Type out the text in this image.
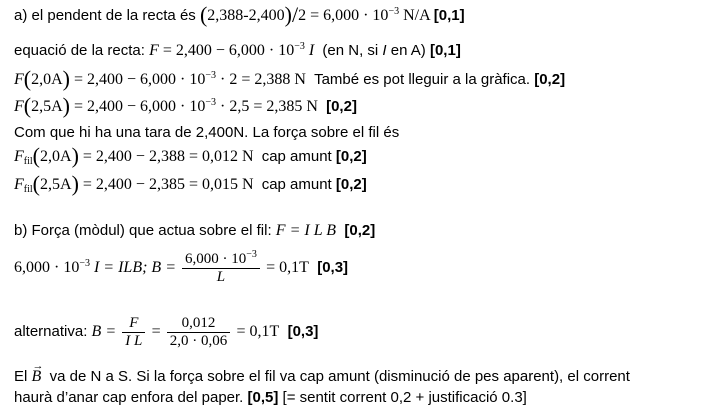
a) el pendent de la recta és $(2,388-2,400)/2 = 6,000 \cdot 10^{-3}$ N/A [0,1]
equació de la recta: $F = 2,400 - 6,000 \cdot 10^{-3}$ I (en N, si I en A) [0,1]
$F(2,0A) = 2,400 - 6,000 \cdot 10^{-3} \cdot 2 = 2,388$ N També es pot lleguir a la gràfica. [0,2]
$F(2,5A) = 2,400 - 6,000 \cdot 10^{-3} \cdot 2,5 = 2,385$ N [0,2]
Com que hi ha una tara de 2,400N. La força sobre el fil és
$F_{fil}(2,0A) = 2,400 - 2,388 = 0,012$ N cap amunt [0,2]
$F_{fil}(2,5A) = 2,400 - 2,385 = 0,015$ N cap amunt [0,2]
b) Força (mòdul) que actua sobre el fil: F = I L B [0,2]
$6,000 \cdot 10^{-3}$ I = ILB; $B = \frac{6,000 \cdot 10^{-3}}{L} = 0,1T$ [0,3]
alternativa: $B = \frac{F}{\text{I L}} = \frac{0,012}{2,0 \cdot 0,06} = 0,1T$ [0,3]
El
→
B va de N a S. Si la força sobre el fil va cap amunt (disminució de pes aparent), el corrent
haurà d’anar cap enfora del paper. [0,5] [= sentit corrent 0,2 + justificació 0.3]
